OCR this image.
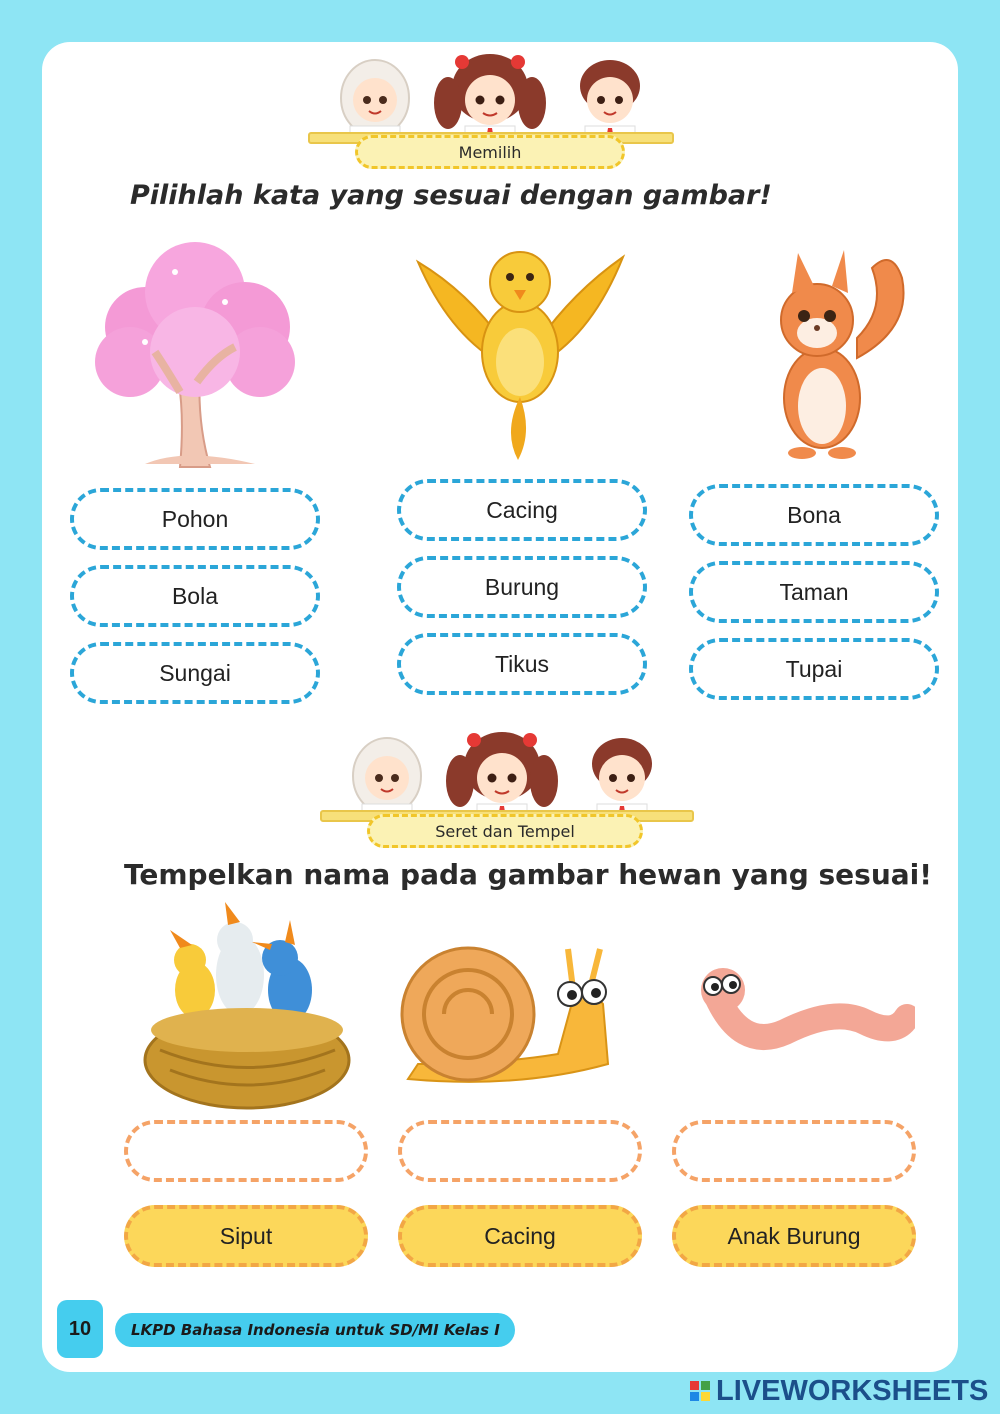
Memilih
Pilihlah kata yang sesuai dengan gambar!
Pohon
Bola
Sungai
Cacing
Burung
Tikus
Bona
Taman
Tupai
Seret dan Tempel
Tempelkan nama pada gambar hewan yang sesuai!
Siput	Cacing	Anak Burung
10	LKPD Bahasa Indonesia untuk SD/MI Kelas I
LIVEWORKSHEETS
